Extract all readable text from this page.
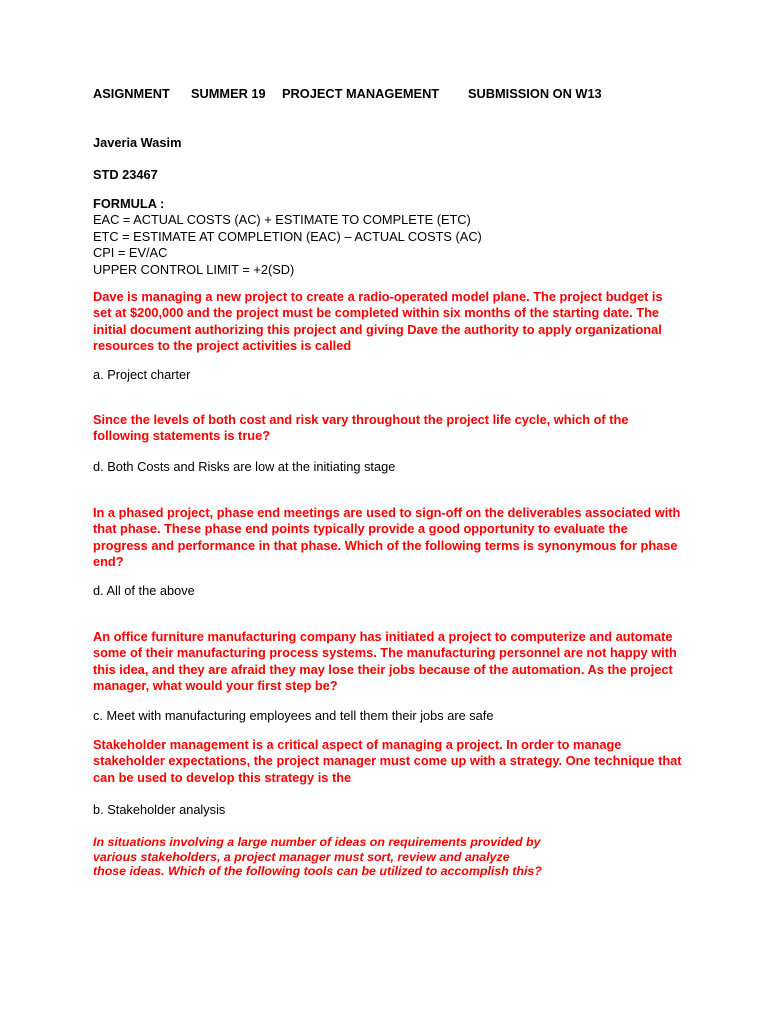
ASIGNMENT SUMMER 19 PROJECT MANAGEMENT SUBMISSION ON W13
Javeria Wasim
STD 23467
FORMULA :
EAC = ACTUAL COSTS (AC) + ESTIMATE TO COMPLETE (ETC)
ETC = ESTIMATE AT COMPLETION (EAC) – ACTUAL COSTS (AC)
CPI = EV/AC
UPPER CONTROL LIMIT = +2(SD)
Dave is managing a new project to create a radio-operated model plane. The project budget is set at $200,000 and the project must be completed within six months of the starting date. The initial document authorizing this project and giving Dave the authority to apply organizational resources to the project activities is called
a. Project charter
Since the levels of both cost and risk vary throughout the project life cycle, which of the following statements is true?
d. Both Costs and Risks are low at the initiating stage
In a phased project, phase end meetings are used to sign-off on the deliverables associated with that phase. These phase end points typically provide a good opportunity to evaluate the progress and performance in that phase. Which of the following terms is synonymous for phase end?
d. All of the above
An office furniture manufacturing company has initiated a project to computerize and automate some of their manufacturing process systems. The manufacturing personnel are not happy with this idea, and they are afraid they may lose their jobs because of the automation. As the project manager, what would your first step be?
c. Meet with manufacturing employees and tell them their jobs are safe
Stakeholder management is a critical aspect of managing a project. In order to manage stakeholder expectations, the project manager must come up with a strategy. One technique that can be used to develop this strategy is the
b. Stakeholder analysis
In situations involving a large number of ideas on requirements provided by various stakeholders, a project manager must sort, review and analyze those ideas. Which of the following tools can be utilized to accomplish this?
